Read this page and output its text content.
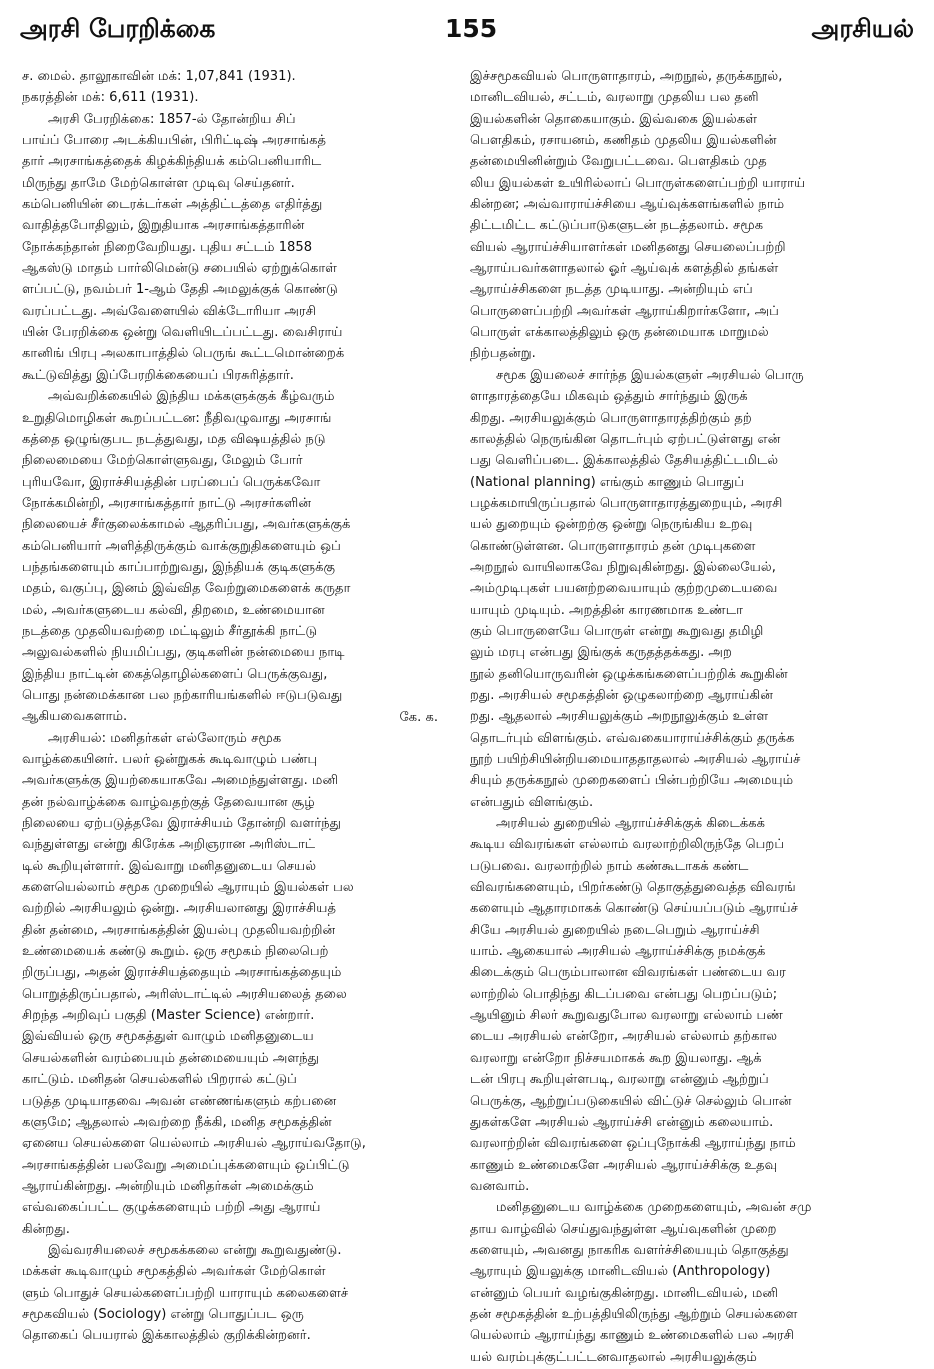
அரசி பேரறிக்கை	155	அரசியல்
ச. மைல். தாலூகாவின் மக்: 1,07,841 (1931).
நகரத்தின் மக்: 6,611 (1931).
அரசி பேரறிக்கை: 1857-ல் தோன்றிய சிப்
பாய்ப் போரை அடக்கியபின், பிரிட்டிஷ் அரசாங்கத்
தார் அரசாங்கத்தைக் கிழக்கிந்தியக் கம்பெனியாரிட
மிருந்து தாமே மேற்கொள்ள முடிவு செய்தனர்.
கம்பெனியின் டைரக்டர்கள் அத்திட்டத்தை எதிர்த்து
வாதித்தபோதிலும், இறுதியாக அரசாங்கத்தாரின்
நோக்கந்தான் நிறைவேறியது. புதிய சட்டம் 1858
ஆகஸ்டு மாதம் பார்லிமென்டு சபையில் ஏற்றுக்கொள்
ளப்பட்டு, நவம்பர் 1-ஆம் தேதி அமலுக்குக் கொண்டு
வரப்பட்டது. அவ்வேளையில் விக்டோரியா அரசி
யின் பேரறிக்கை ஒன்று வெளியிடப்பட்டது. வைசிராய்
கானிங் பிரபு அலகாபாத்தில் பெருங் கூட்டமொன்றைக்
கூட்டுவித்து இப்பேரறிக்கையைப் பிரசுரித்தார்.
அவ்வறிக்கையில் இந்திய மக்களுக்குக் கீழ்வரும்
உறுதிமொழிகள் கூறப்பட்டன: நீதிவழுவாது அரசாங்
கத்தை ஒழுங்குபட நடத்துவது, மத விஷயத்தில் நடு
நிலைமையை மேற்கொள்ளுவது, மேலும் போர்
புரியவோ, இராச்சியத்தின் பரப்பைப் பெருக்கவோ
நோக்கமின்றி, அரசாங்கத்தார் நாட்டு அரசர்களின்
நிலையைச் சீர்குலைக்காமல் ஆதரிப்பது, அவர்களுக்குக்
கம்பெனியார் அளித்திருக்கும் வாக்குறுதிகளையும் ஒப்
பந்தங்களையும் காப்பாற்றுவது, இந்தியக் குடிகளுக்கு
மதம், வகுப்பு, இனம் இவ்வித வேற்றுமைகளைக் கருதா
மல், அவர்களுடைய கல்வி, திறமை, உண்மையான
நடத்தை முதலியவற்றை மட்டிலும் சீர்தூக்கி நாட்டு
அலுவல்களில் நியமிப்பது, குடிகளின் நன்மையை நாடி
இந்திய நாட்டின் கைத்தொழில்களைப் பெருக்குவது,
பொது நன்மைக்கான பல நற்காரியங்களில் ஈடுபடுவது
ஆகியவைகளாம்.	கே. க.
அரசியல்: மனிதர்கள் எல்லோரும் சமூக
வாழ்க்கையினர். பலர் ஒன்றுகக் கூடிவாழும் பண்பு
அவர்களுக்கு இயற்கையாகவே அமைந்துள்ளது. மனி
தன் நல்வாழ்க்கை வாழ்வதற்குத் தேவையான சூழ்
நிலையை ஏற்படுத்தவே இராச்சியம் தோன்றி வளர்ந்து
வந்துள்ளது என்று கிரேக்க அறிஞரான அரிஸ்டாட்
டில் கூறியுள்ளார். இவ்வாறு மனிதனுடைய செயல்
களையெல்லாம் சமூக முறையில் ஆராயும் இயல்கள் பல
வற்றில் அரசியலும் ஒன்று. அரசியலானது இராச்சியத்
தின் தன்மை, அரசாங்கத்தின் இயல்பு முதலியவற்றின்
உண்மையைக் கண்டு கூறும். ஒரு சமூகம் நிலைபெற்
றிருப்பது, அதன் இராச்சியத்தையும் அரசாங்கத்தையும்
பொறுத்திருப்பதால், அரிஸ்டாட்டில் அரசியலைத் தலை
சிறந்த அறிவுப் பகுதி (Master Science) என்றார்.
இவ்வியல் ஒரு சமூகத்துள் வாழும் மனிதனுடைய
செயல்களின் வரம்பையும் தன்மையையும் அளந்து
காட்டும். மனிதன் செயல்களில் பிறரால் கட்டுப்
படுத்த முடியாதவை அவன் எண்ணங்களும் கற்பனை
களுமே; ஆதலால் அவற்றை நீக்கி, மனித சமூகத்தின்
ஏனைய செயல்களை யெல்லாம் அரசியல் ஆராய்வதோடு,
அரசாங்கத்தின் பலவேறு அமைப்புக்களையும் ஒப்பிட்டு
ஆராய்கின்றது. அன்றியும் மனிதர்கள் அமைக்கும்
எவ்வகைப்பட்ட குழுக்களையும் பற்றி அது ஆராய்
கின்றது.
இவ்வரசியலைச் சமூகக்கலை என்று கூறுவதுண்டு.
மக்கள் கூடிவாழும் சமூகத்தில் அவர்கள் மேற்கொள்
ளும் பொதுச் செயல்களைப்பற்றி யாராயும் கலைகளைச்
சமூகவியல் (Sociology) என்று பொதுப்பட ஒரு
தொகைப் பெயரால் இக்காலத்தில் குறிக்கின்றனர்.
இச்சமூகவியல் பொருளாதாரம், அறநூல், தருக்கநூல்,
மானிடவியல், சட்டம், வரலாறு முதலிய பல தனி
இயல்களின் தொகையாகும். இவ்வகை இயல்கள்
பௌதிகம், ரசாயனம், கணிதம் முதலிய இயல்களின்
தன்மையினின்றும் வேறுபட்டவை. பௌதிகம் முத
லிய இயல்கள் உயிரில்லாப் பொருள்களைப்பற்றி யாராய்
கின்றன; அவ்வாராய்ச்சியை ஆய்வுக்களங்களில் நாம்
திட்டமிட்ட கட்டுப்பாடுகளுடன் நடத்தலாம். சமூக
வியல் ஆராய்ச்சியாளர்கள் மனிதனது செயலைப்பற்றி
ஆராய்பவர்களாதலால் ஓர் ஆய்வுக் களத்தில் தங்கள்
ஆராய்ச்சிகளை நடத்த முடியாது. அன்றியும் எப்
பொருளைப்பற்றி அவர்கள் ஆராய்கிறார்களோ, அப்
பொருள் எக்காலத்திலும் ஒரு தன்மையாக மாறுமல்
நிற்பதன்று.
சமூக இயலைச் சார்ந்த இயல்களுள் அரசியல் பொரு
ளாதாரத்தையே மிகவும் ஒத்தும் சார்ந்தும் இருக்
கிறது. அரசியலுக்கும் பொருளாதாரத்திற்கும் தற்
காலத்தில் நெருங்கின தொடர்பும் ஏற்பட்டுள்ளது என்
பது வெளிப்படை. இக்காலத்தில் தேசியத்திட்டமிடல்
(National planning) எங்கும் காணும் பொதுப்
பழக்கமாயிருப்பதால் பொருளாதாரத்துறையும், அரசி
யல் துறையும் ஒன்றற்கு ஒன்று நெருங்கிய உறவு
கொண்டுள்ளன. பொருளாதாரம் தன் முடிபுகளை
அறநூல் வாயிலாகவே நிறுவுகின்றது. இல்லையேல்,
அம்முடிபுகள் பயனற்றவையாயும் குற்றமுடையவை
யாயும் முடியும். அறத்தின் காரணமாக உண்டா
கும் பொருளையே பொருள் என்று கூறுவது தமிழி
லும் மரபு என்பது இங்குக் கருதத்தக்கது. அற
நூல் தனியொருவரின் ஒழுக்கங்களைப்பற்றிக் கூறுகின்
றது. அரசியல் சமூகத்தின் ஒழுகலாற்றை ஆராய்கின்
றது. ஆதலால் அரசியலுக்கும் அறநூலுக்கும் உள்ள
தொடர்பும் விளங்கும். எவ்வகையாராய்ச்சிக்கும் தருக்க
நூற் பயிற்சியின்றியமையாததாதலால் அரசியல் ஆராய்ச்
சியும் தருக்கநூல் முறைகளைப் பின்பற்றியே அமையும்
என்பதும் விளங்கும்.
அரசியல் துறையில் ஆராய்ச்சிக்குக் கிடைக்கக்
கூடிய விவரங்கள் எல்லாம் வரலாற்றிலிருந்தே பெறப்
படுபவை. வரலாற்றில் நாம் கண்கூடாகக் கண்ட
விவரங்களையும், பிறர்கண்டு தொகுத்துவைத்த விவரங்
களையும் ஆதாரமாகக் கொண்டு செய்யப்படும் ஆராய்ச்
சியே அரசியல் துறையில் நடைபெறும் ஆராய்ச்சி
யாம். ஆகையால் அரசியல் ஆராய்ச்சிக்கு நமக்குக்
கிடைக்கும் பெரும்பாலான விவரங்கள் பண்டைய வர
லாற்றில் பொதிந்து கிடப்பவை என்பது பெறப்படும்;
ஆயினும் சிலர் கூறுவதுபோல வரலாறு எல்லாம் பண்
டைய அரசியல் என்றோ, அரசியல் எல்லாம் தற்கால
வரலாறு என்றோ நிச்சயமாகக் கூற இயலாது. ஆக்
டன் பிரபு கூறியுள்ளபடி, வரலாறு என்னும் ஆற்றுப்
பெருக்கு, ஆற்றுப்படுகையில் விட்டுச் செல்லும் பொன்
துகள்களே அரசியல் ஆராய்ச்சி என்னும் கலையாம்.
வரலாற்றின் விவரங்களை ஒப்புநோக்கி ஆராய்ந்து நாம்
காணும் உண்மைகளே அரசியல் ஆராய்ச்சிக்கு உதவு
வனவாம்.
மனிதனுடைய வாழ்க்கை முறைகளையும், அவன் சமு
தாய வாழ்வில் செய்துவந்துள்ள ஆய்வுகளின் முறை
களையும், அவனது நாகரிக வளர்ச்சியையும் தொகுத்து
ஆராயும் இயலுக்கு மானிடவியல் (Anthropology)
என்னும் பெயர் வழங்குகின்றது. மானிடவியல், மனி
தன் சமூகத்தின் உற்பத்தியிலிருந்து ஆற்றும் செயல்களை
யெல்லாம் ஆராய்ந்து காணும் உண்மைகளில் பல அரசி
யல் வரம்புக்குட்பட்டனவாதலால் அரசியலுக்கும்
